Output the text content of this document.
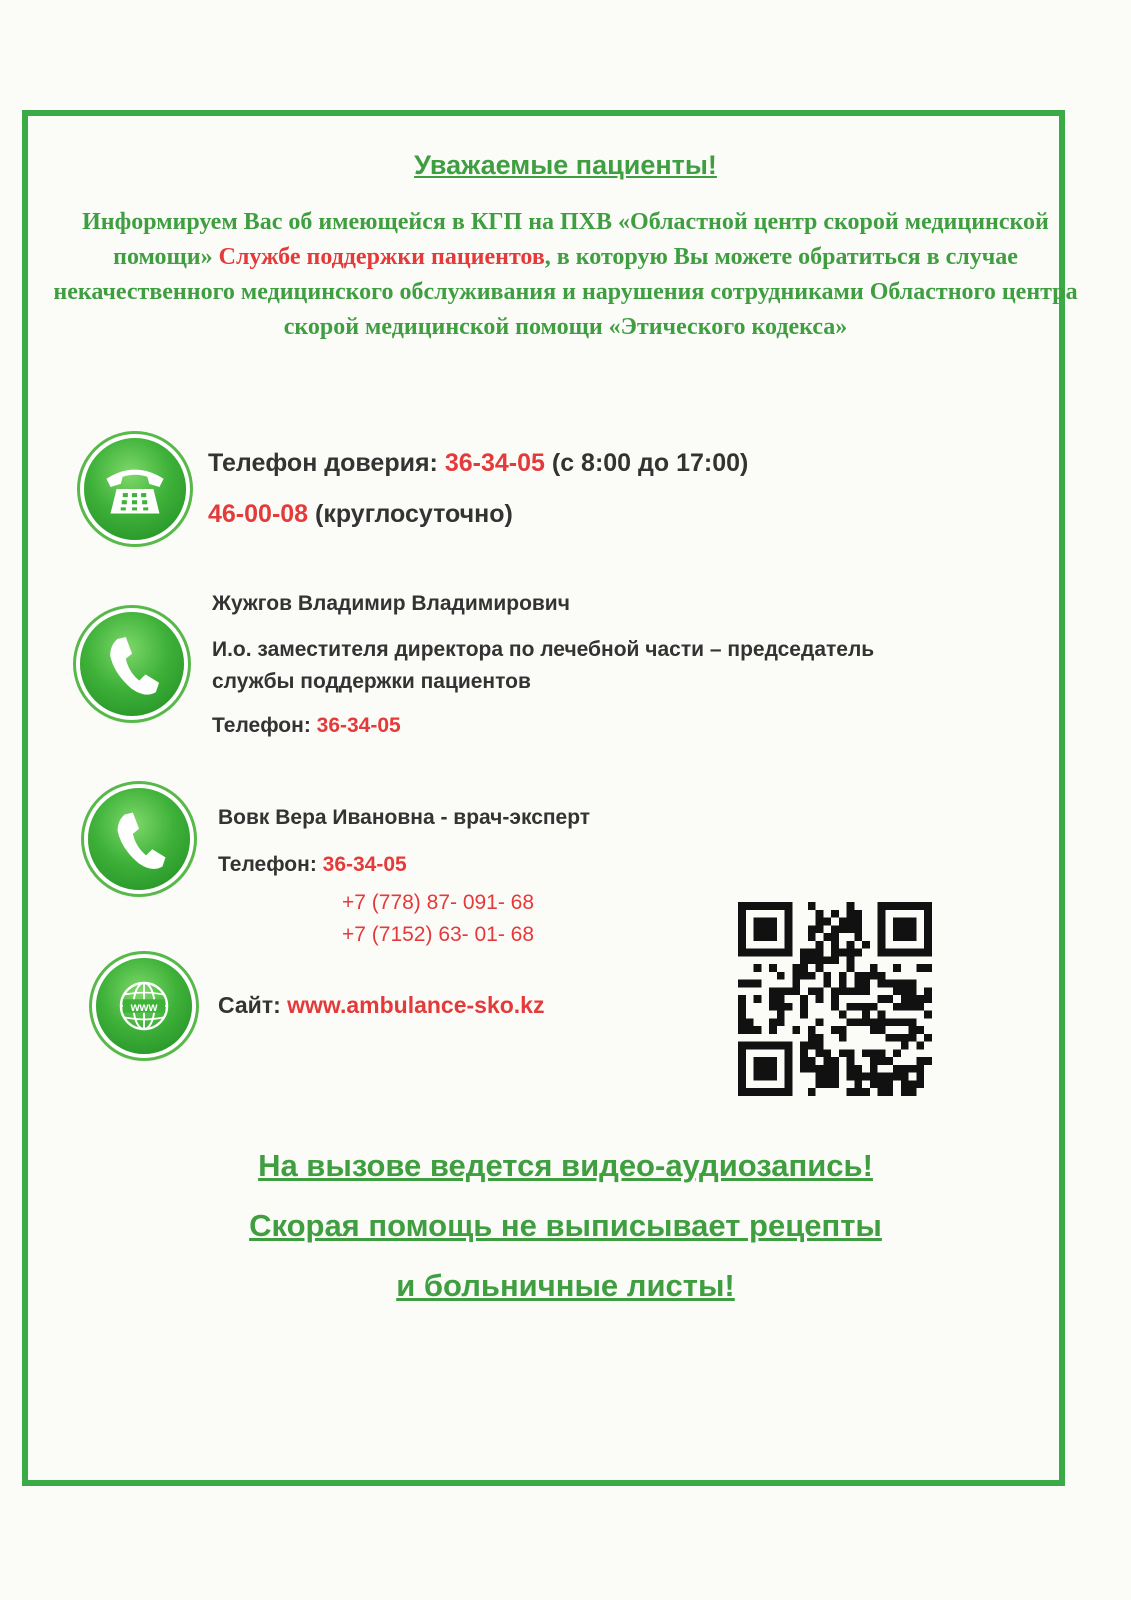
Уважаемые пациенты!
Информируем Вас об имеющейся в КГП на ПХВ «Областной центр скорой медицинской помощи» Службе поддержки пациентов, в которую Вы можете обратиться в случае некачественного медицинского обслуживания и нарушения сотрудниками Областного центра скорой медицинской помощи «Этического кодекса»
Телефон доверия: 36-34-05 (с 8:00 до 17:00)
46-00-08 (круглосуточно)
Жужгов Владимир Владимирович
И.о. заместителя директора по лечебной части – председатель
службы поддержки пациентов
Телефон: 36-34-05
Вовк Вера Ивановна - врач-эксперт
Телефон: 36-34-05
+7 (778) 87- 091- 68
+7 (7152) 63- 01- 68
www	Сайт: www.ambulance-sko.kz
На вызове ведется видео-аудиозапись!
Скорая помощь не выписывает рецепты
и больничные листы!
